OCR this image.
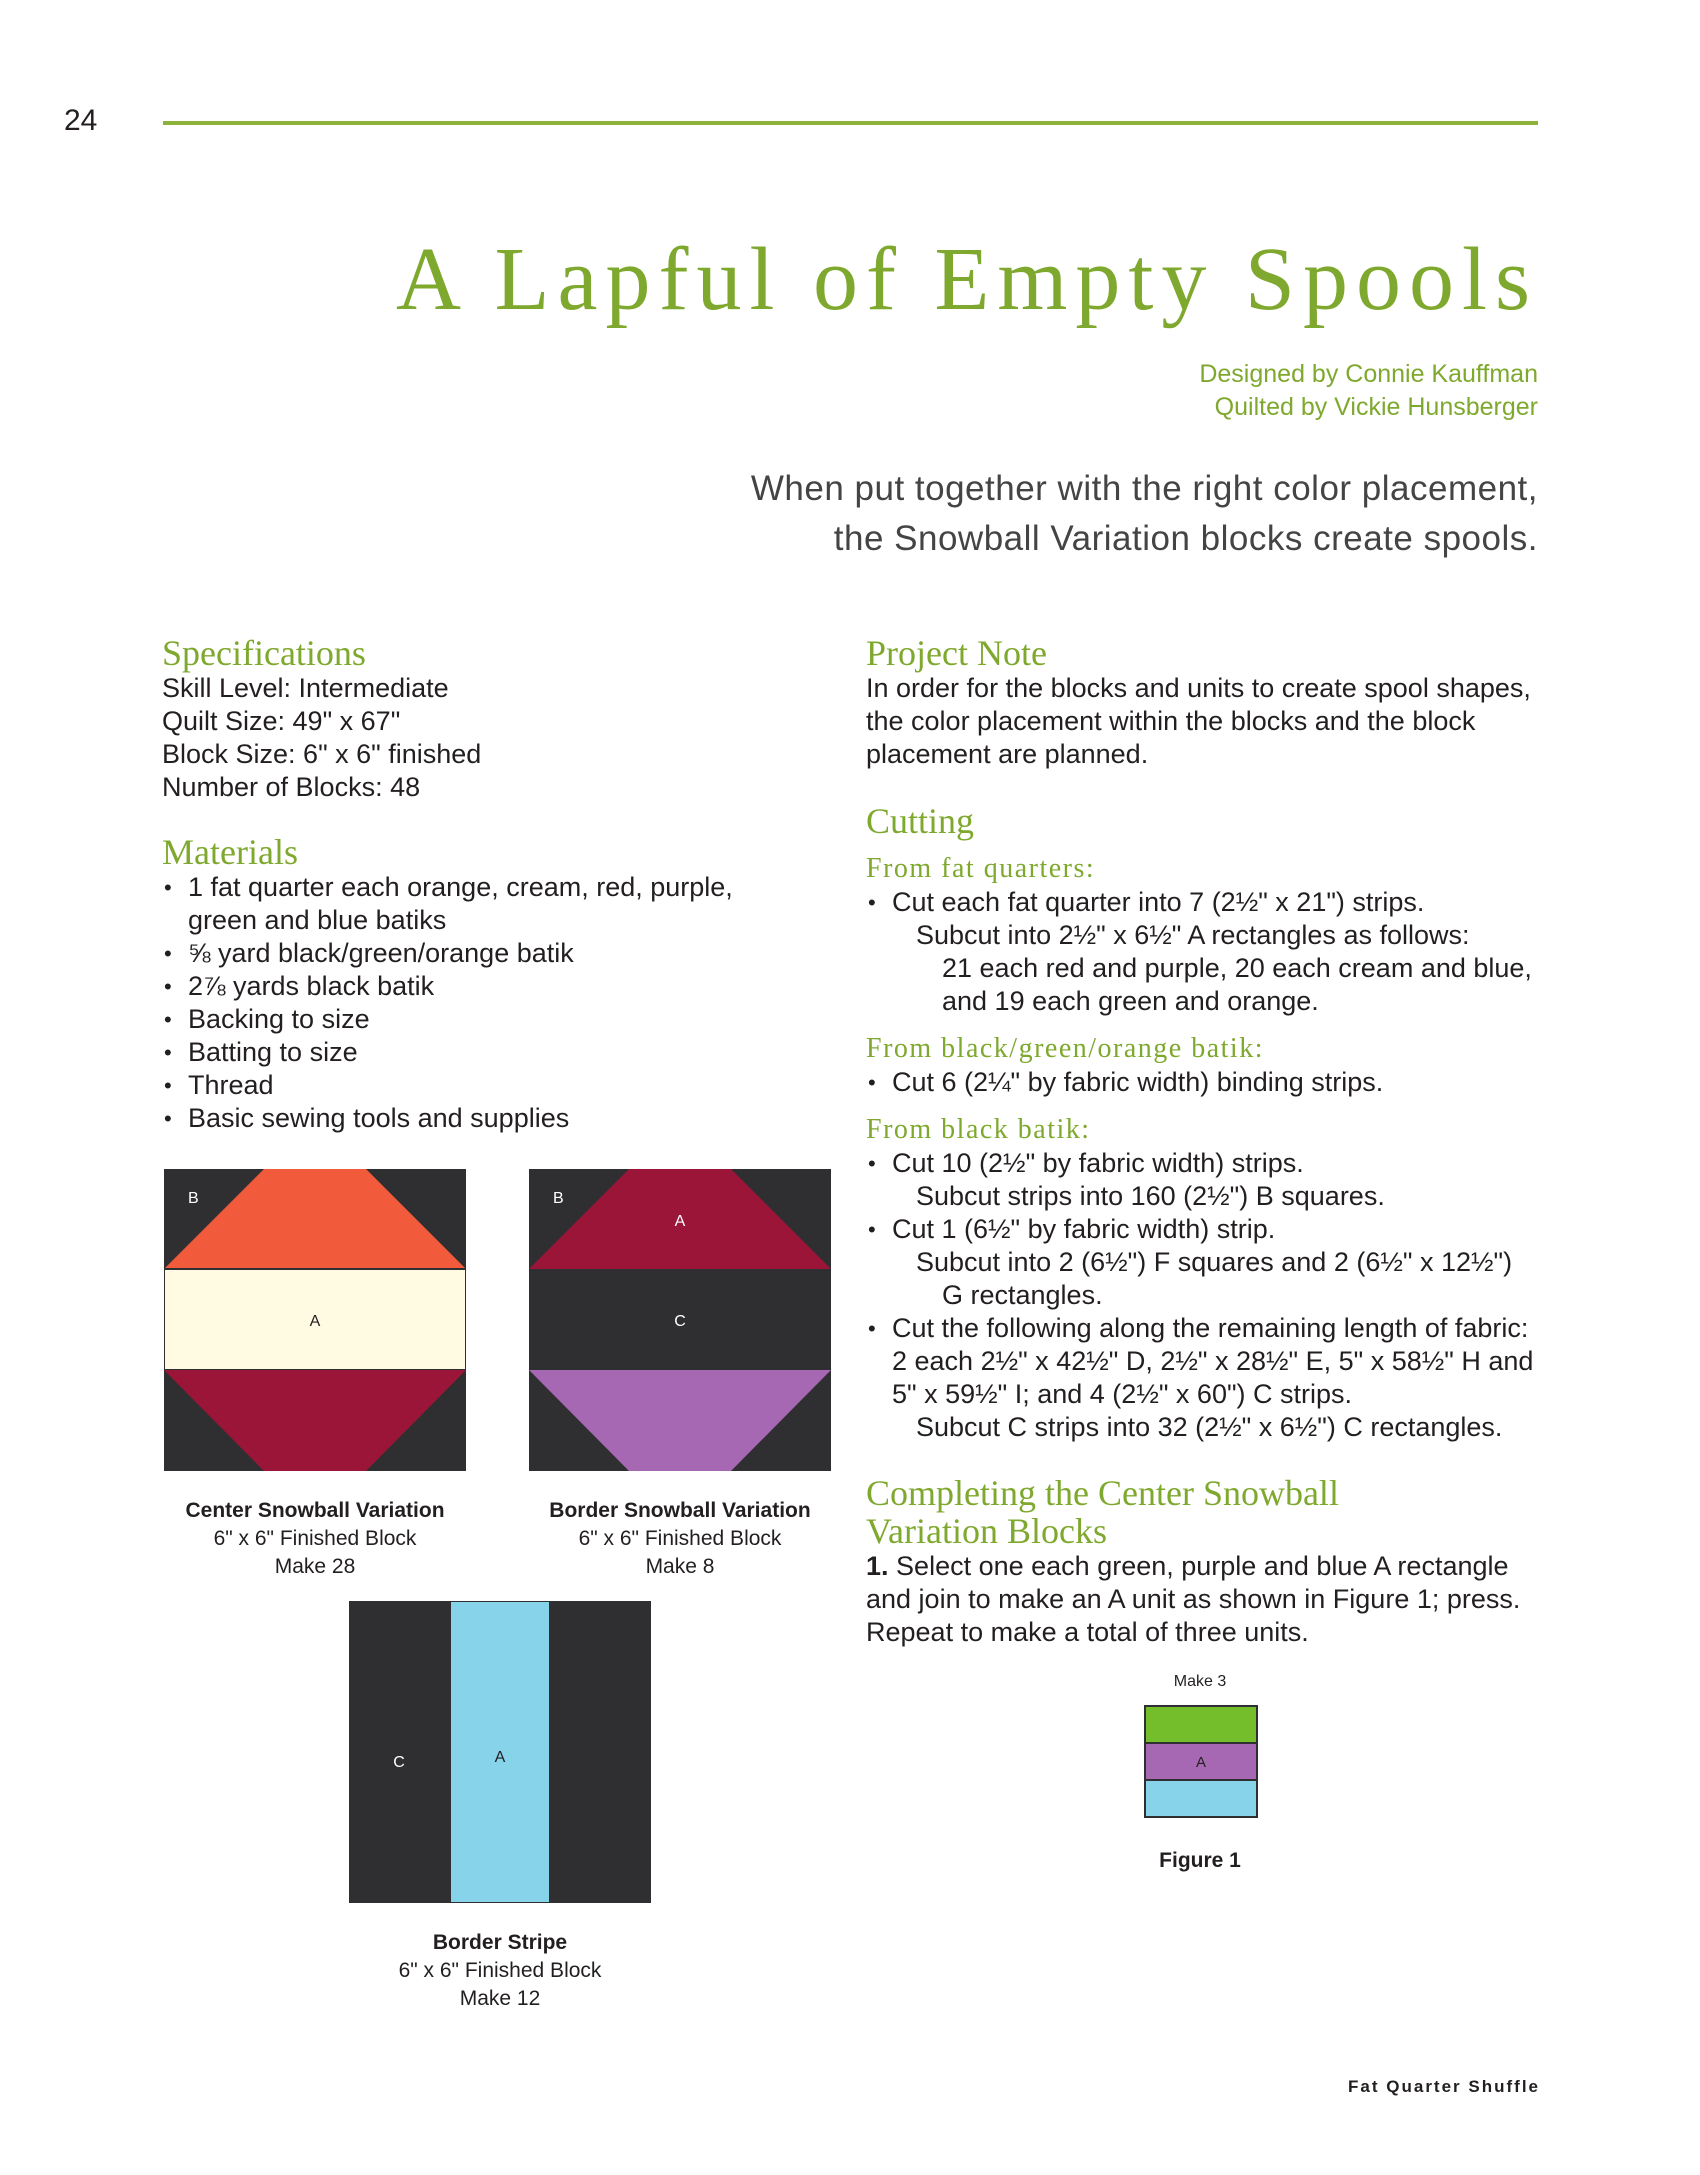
24
A Lapful of Empty Spools
Designed by Connie Kauffman
Quilted by Vickie Hunsberger
When put together with the right color placement,
the Snowball Variation blocks create spools.
Specifications
Skill Level: Intermediate
Quilt Size: 49" x 67"
Block Size: 6" x 6" finished
Number of Blocks: 48
Materials
• 1 fat quarter each orange, cream, red, purple, green and blue batiks
• ⅝ yard black/green/orange batik
• 2⅞ yards black batik
• Backing to size
• Batting to size
• Thread
• Basic sewing tools and supplies
B
A
Center Snowball Variation
6" x 6" Finished Block
Make 28
B
A
C
Border Snowball Variation
6" x 6" Finished Block
Make 8
C	A
Border Stripe
6" x 6" Finished Block
Make 12
Project Note
In order for the blocks and units to create spool shapes, the color placement within the blocks and the block placement are planned.
Cutting
From fat quarters:
• Cut each fat quarter into 7 (2½" x 21") strips.
Subcut into 2½" x 6½" A rectangles as follows:
21 each red and purple, 20 each cream and blue, and 19 each green and orange.
From black/green/orange batik:
• Cut 6 (2¼" by fabric width) binding strips.
From black batik:
• Cut 10 (2½" by fabric width) strips.
Subcut strips into 160 (2½") B squares.
• Cut 1 (6½" by fabric width) strip.
Subcut into 2 (6½") F squares and 2 (6½" x 12½")
G rectangles.
• Cut the following along the remaining length of fabric: 2 each 2½" x 42½" D, 2½" x 28½" E, 5" x 58½" H and 5" x 59½" I; and 4 (2½" x 60") C strips.
Subcut C strips into 32 (2½" x 6½") C rectangles.
Completing the Center Snowball Variation Blocks
1. Select one each green, purple and blue A rectangle and join to make an A unit as shown in Figure 1; press. Repeat to make a total of three units.
Make 3
A
Figure 1
Fat Quarter Shuffle
